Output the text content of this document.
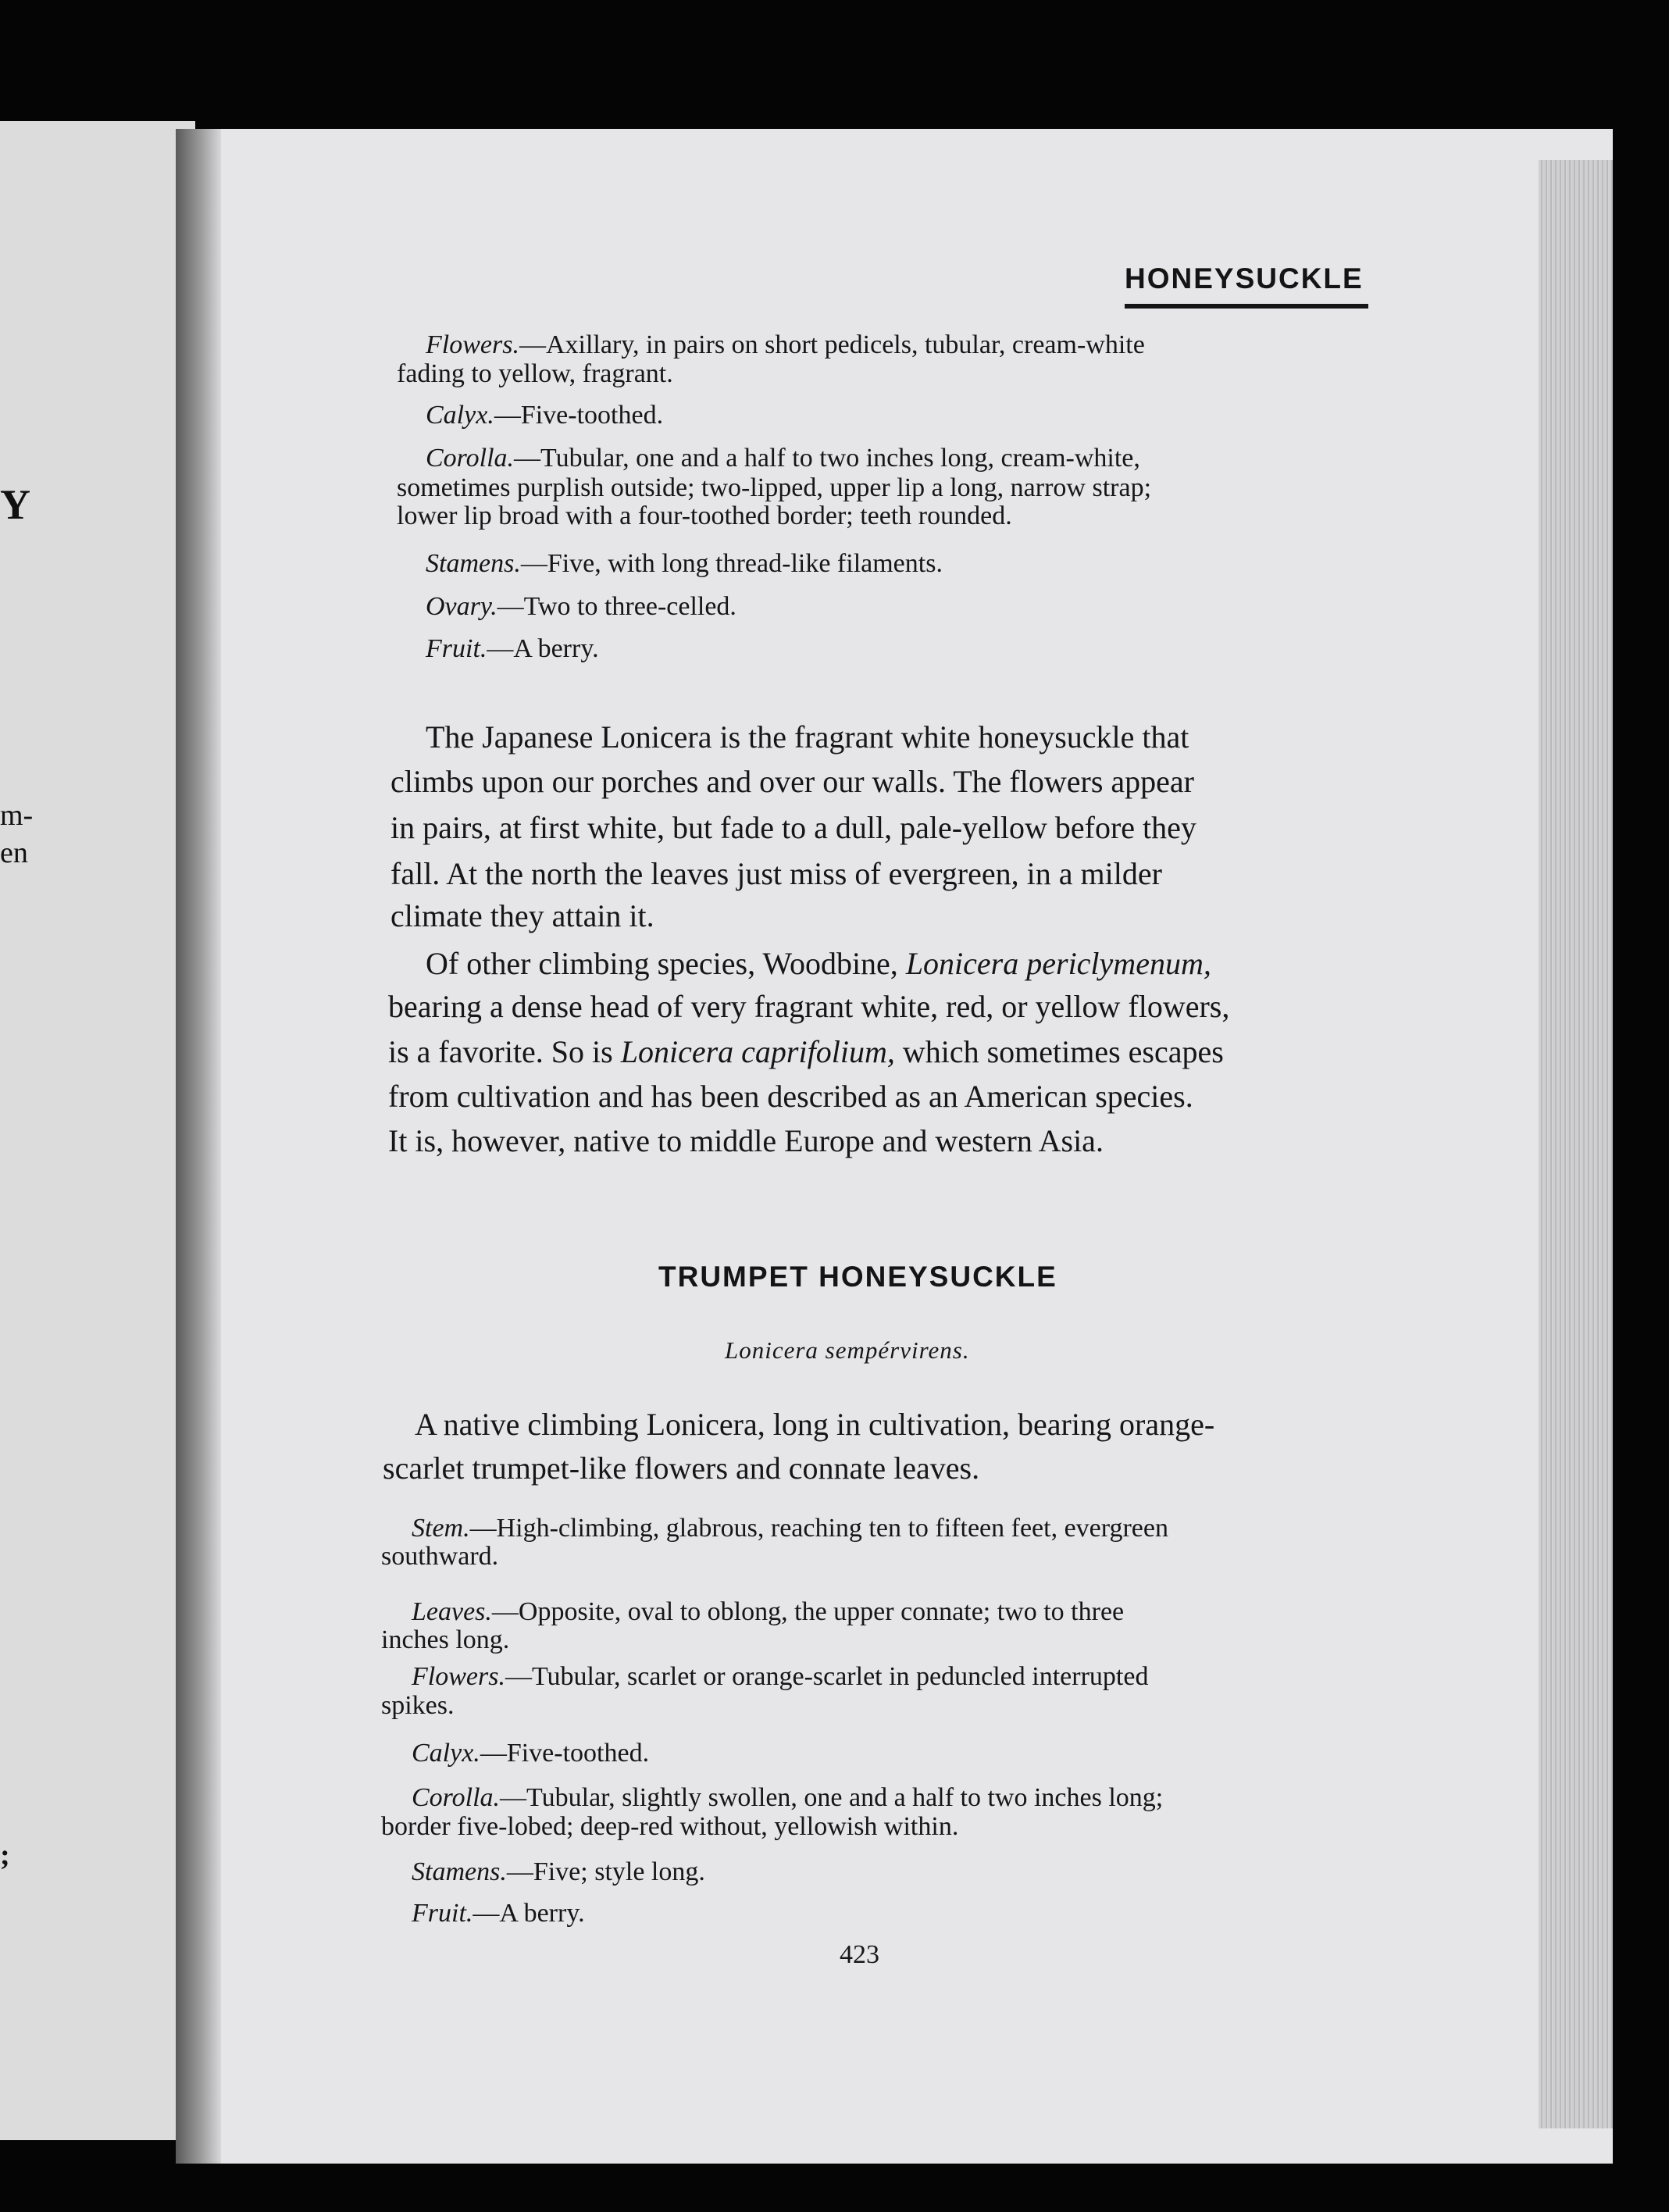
Y
m-
en
;
HONEYSUCKLE
Flowers.—Axillary, in pairs on short pedicels, tubular, cream-white
fading to yellow, fragrant.
Calyx.—Five-toothed.
Corolla.—Tubular, one and a half to two inches long, cream-white,
sometimes purplish outside; two-lipped, upper lip a long, narrow strap;
lower lip broad with a four-toothed border; teeth rounded.
Stamens.—Five, with long thread-like filaments.
Ovary.—Two to three-celled.
Fruit.—A berry.
The Japanese Lonicera is the fragrant white honeysuckle that
climbs upon our porches and over our walls. The flowers appear
in pairs, at first white, but fade to a dull, pale-yellow before they
fall. At the north the leaves just miss of evergreen, in a milder
climate they attain it.
Of other climbing species, Woodbine, Lonicera periclymenum,
bearing a dense head of very fragrant white, red, or yellow flowers,
is a favorite. So is Lonicera caprifolium, which sometimes escapes
from cultivation and has been described as an American species.
It is, however, native to middle Europe and western Asia.
TRUMPET HONEYSUCKLE
Lonicera sempérvirens.
A native climbing Lonicera, long in cultivation, bearing orange-
scarlet trumpet-like flowers and connate leaves.
Stem.—High-climbing, glabrous, reaching ten to fifteen feet, evergreen
southward.
Leaves.—Opposite, oval to oblong, the upper connate; two to three
inches long.
Flowers.—Tubular, scarlet or orange-scarlet in peduncled interrupted
spikes.
Calyx.—Five-toothed.
Corolla.—Tubular, slightly swollen, one and a half to two inches long;
border five-lobed; deep-red without, yellowish within.
Stamens.—Five; style long.
Fruit.—A berry.
423
